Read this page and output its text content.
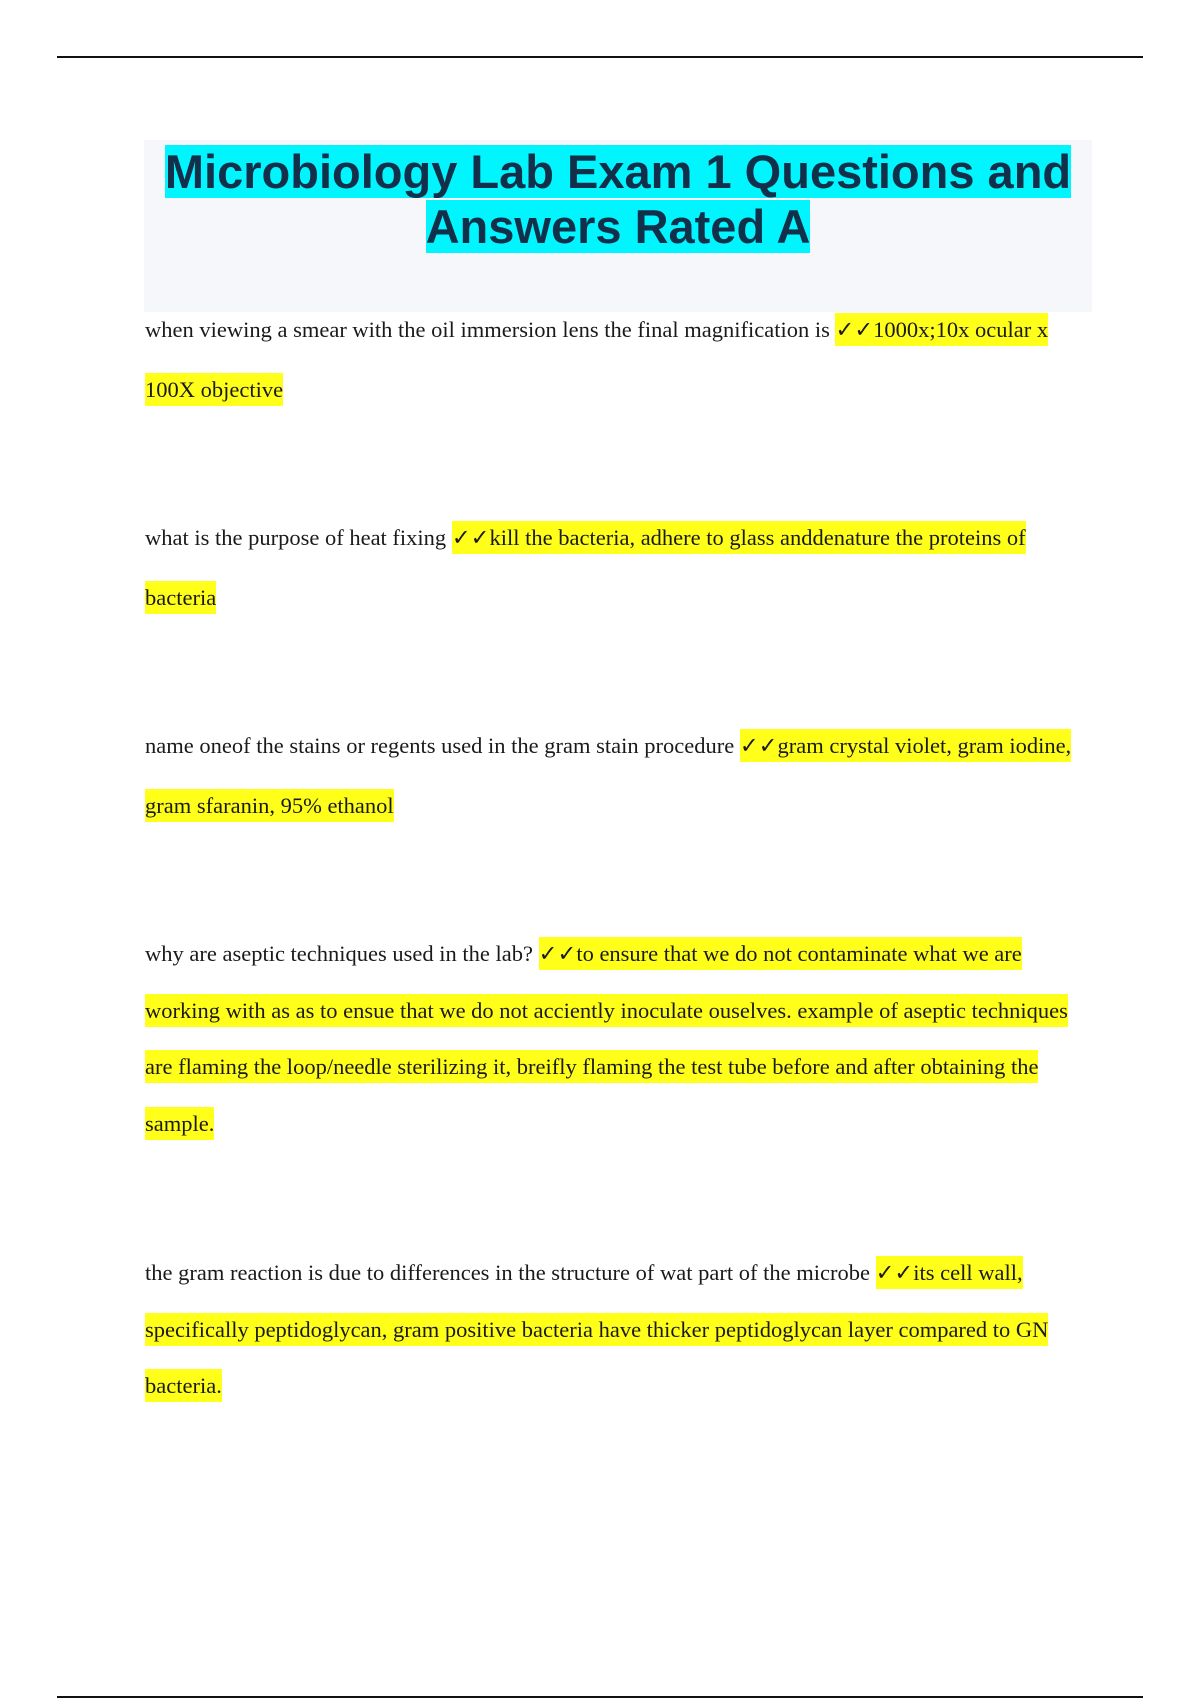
Microbiology Lab Exam 1 Questions and
Answers Rated A

when viewing a smear with the oil immersion lens the final magnification is ✓✓1000x;10x ocular x 100X objective

what is the purpose of heat fixing ✓✓kill the bacteria, adhere to glass anddenature the proteins of bacteria

name oneof the stains or regents used in the gram stain procedure ✓✓gram crystal violet, gram iodine, gram sfaranin, 95% ethanol

why are aseptic techniques used in the lab? ✓✓to ensure that we do not contaminate what we are working with as as to ensue that we do not acciently inoculate ouselves. example of aseptic techniques are flaming the loop/needle sterilizing it, breifly flaming the test tube before and after obtaining the sample.

the gram reaction is due to differences in the structure of wat part of the microbe ✓✓its cell wall, specifically peptidoglycan, gram positive bacteria have thicker peptidoglycan layer compared to GN bacteria.
